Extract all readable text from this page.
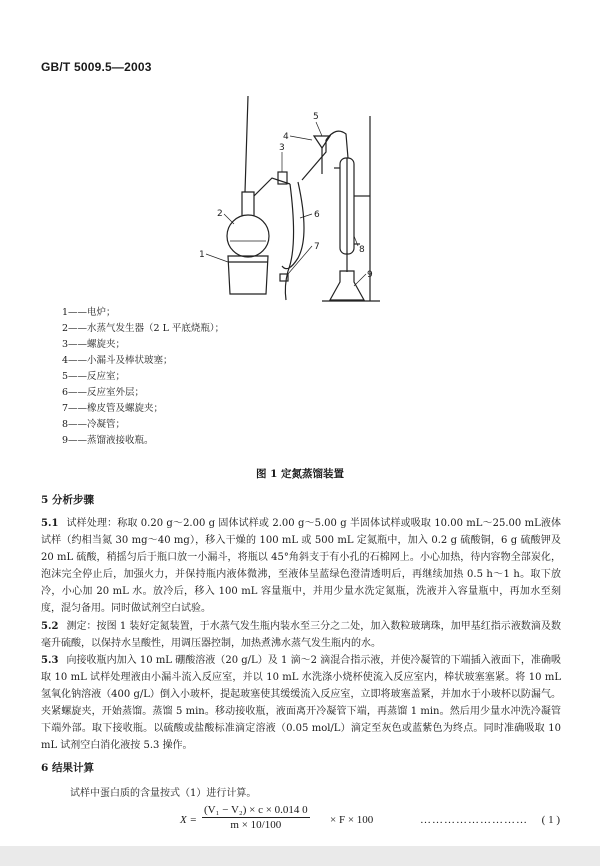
GB/T 5009.5—2003
1
2
3
4
5
6
7	8
9
1——电炉；
2——水蒸气发生器（2 L 平底烧瓶）；
3——螺旋夹；
4——小漏斗及棒状玻塞；
5——反应室；
6——反应室外层；
7——橡皮管及螺旋夹；
8——冷凝管；
9——蒸馏液接收瓶。
图 1 定氮蒸馏装置
5 分析步骤
5.1 试样处理：称取 0.20 g～2.00 g 固体试样或 2.00 g～5.00 g 半固体试样或吸取 10.00 mL～25.00 mL液体试样（约相当氮 30 mg～40 mg），移入干燥的 100 mL 或 500 mL 定氮瓶中，加入 0.2 g 硫酸铜，6 g 硫酸钾及 20 mL 硫酸，稍摇匀后于瓶口放一小漏斗，将瓶以 45°角斜支于有小孔的石棉网上。小心加热，待内容物全部炭化，泡沫完全停止后，加强火力，并保持瓶内液体微沸，至液体呈蓝绿色澄清透明后，再继续加热 0.5 h～1 h。取下放冷，小心加 20 mL 水。放冷后，移入 100 mL 容量瓶中，并用少量水洗定氮瓶，洗液并入容量瓶中，再加水至刻度，混匀备用。同时做试剂空白试验。
5.2 测定：按图 1 装好定氮装置，于水蒸气发生瓶内装水至三分之二处，加入数粒玻璃珠，加甲基红指示液数滴及数毫升硫酸，以保持水呈酸性，用调压器控制，加热煮沸水蒸气发生瓶内的水。
5.3 向接收瓶内加入 10 mL 硼酸溶液（20 g/L）及 1 滴～2 滴混合指示液，并使冷凝管的下端插入液面下，准确吸取 10 mL 试样处理液由小漏斗流入反应室，并以 10 mL 水洗涤小烧杯使流入反应室内，棒状玻塞塞紧。将 10 mL 氢氧化钠溶液（400 g/L）倒入小玻杯，提起玻塞使其缓缓流入反应室，立即将玻塞盖紧，并加水于小玻杯以防漏气。夹紧螺旋夹，开始蒸馏。蒸馏 5 min。移动接收瓶，液面离开冷凝管下端，再蒸馏 1 min。然后用少量水冲洗冷凝管下端外部。取下接收瓶。以硫酸或盐酸标准滴定溶液（0.05 mol/L）滴定至灰色或蓝紫色为终点。同时准确吸取 10 mL 试剂空白消化液按 5.3 操作。
6 结果计算
试样中蛋白质的含量按式（1）进行计算。
$X = \frac{\text{(V₁ − V₂) × c × 0.014 0}}{m \times 10/100} \times F \times 100$	……………………… ( 1 )
